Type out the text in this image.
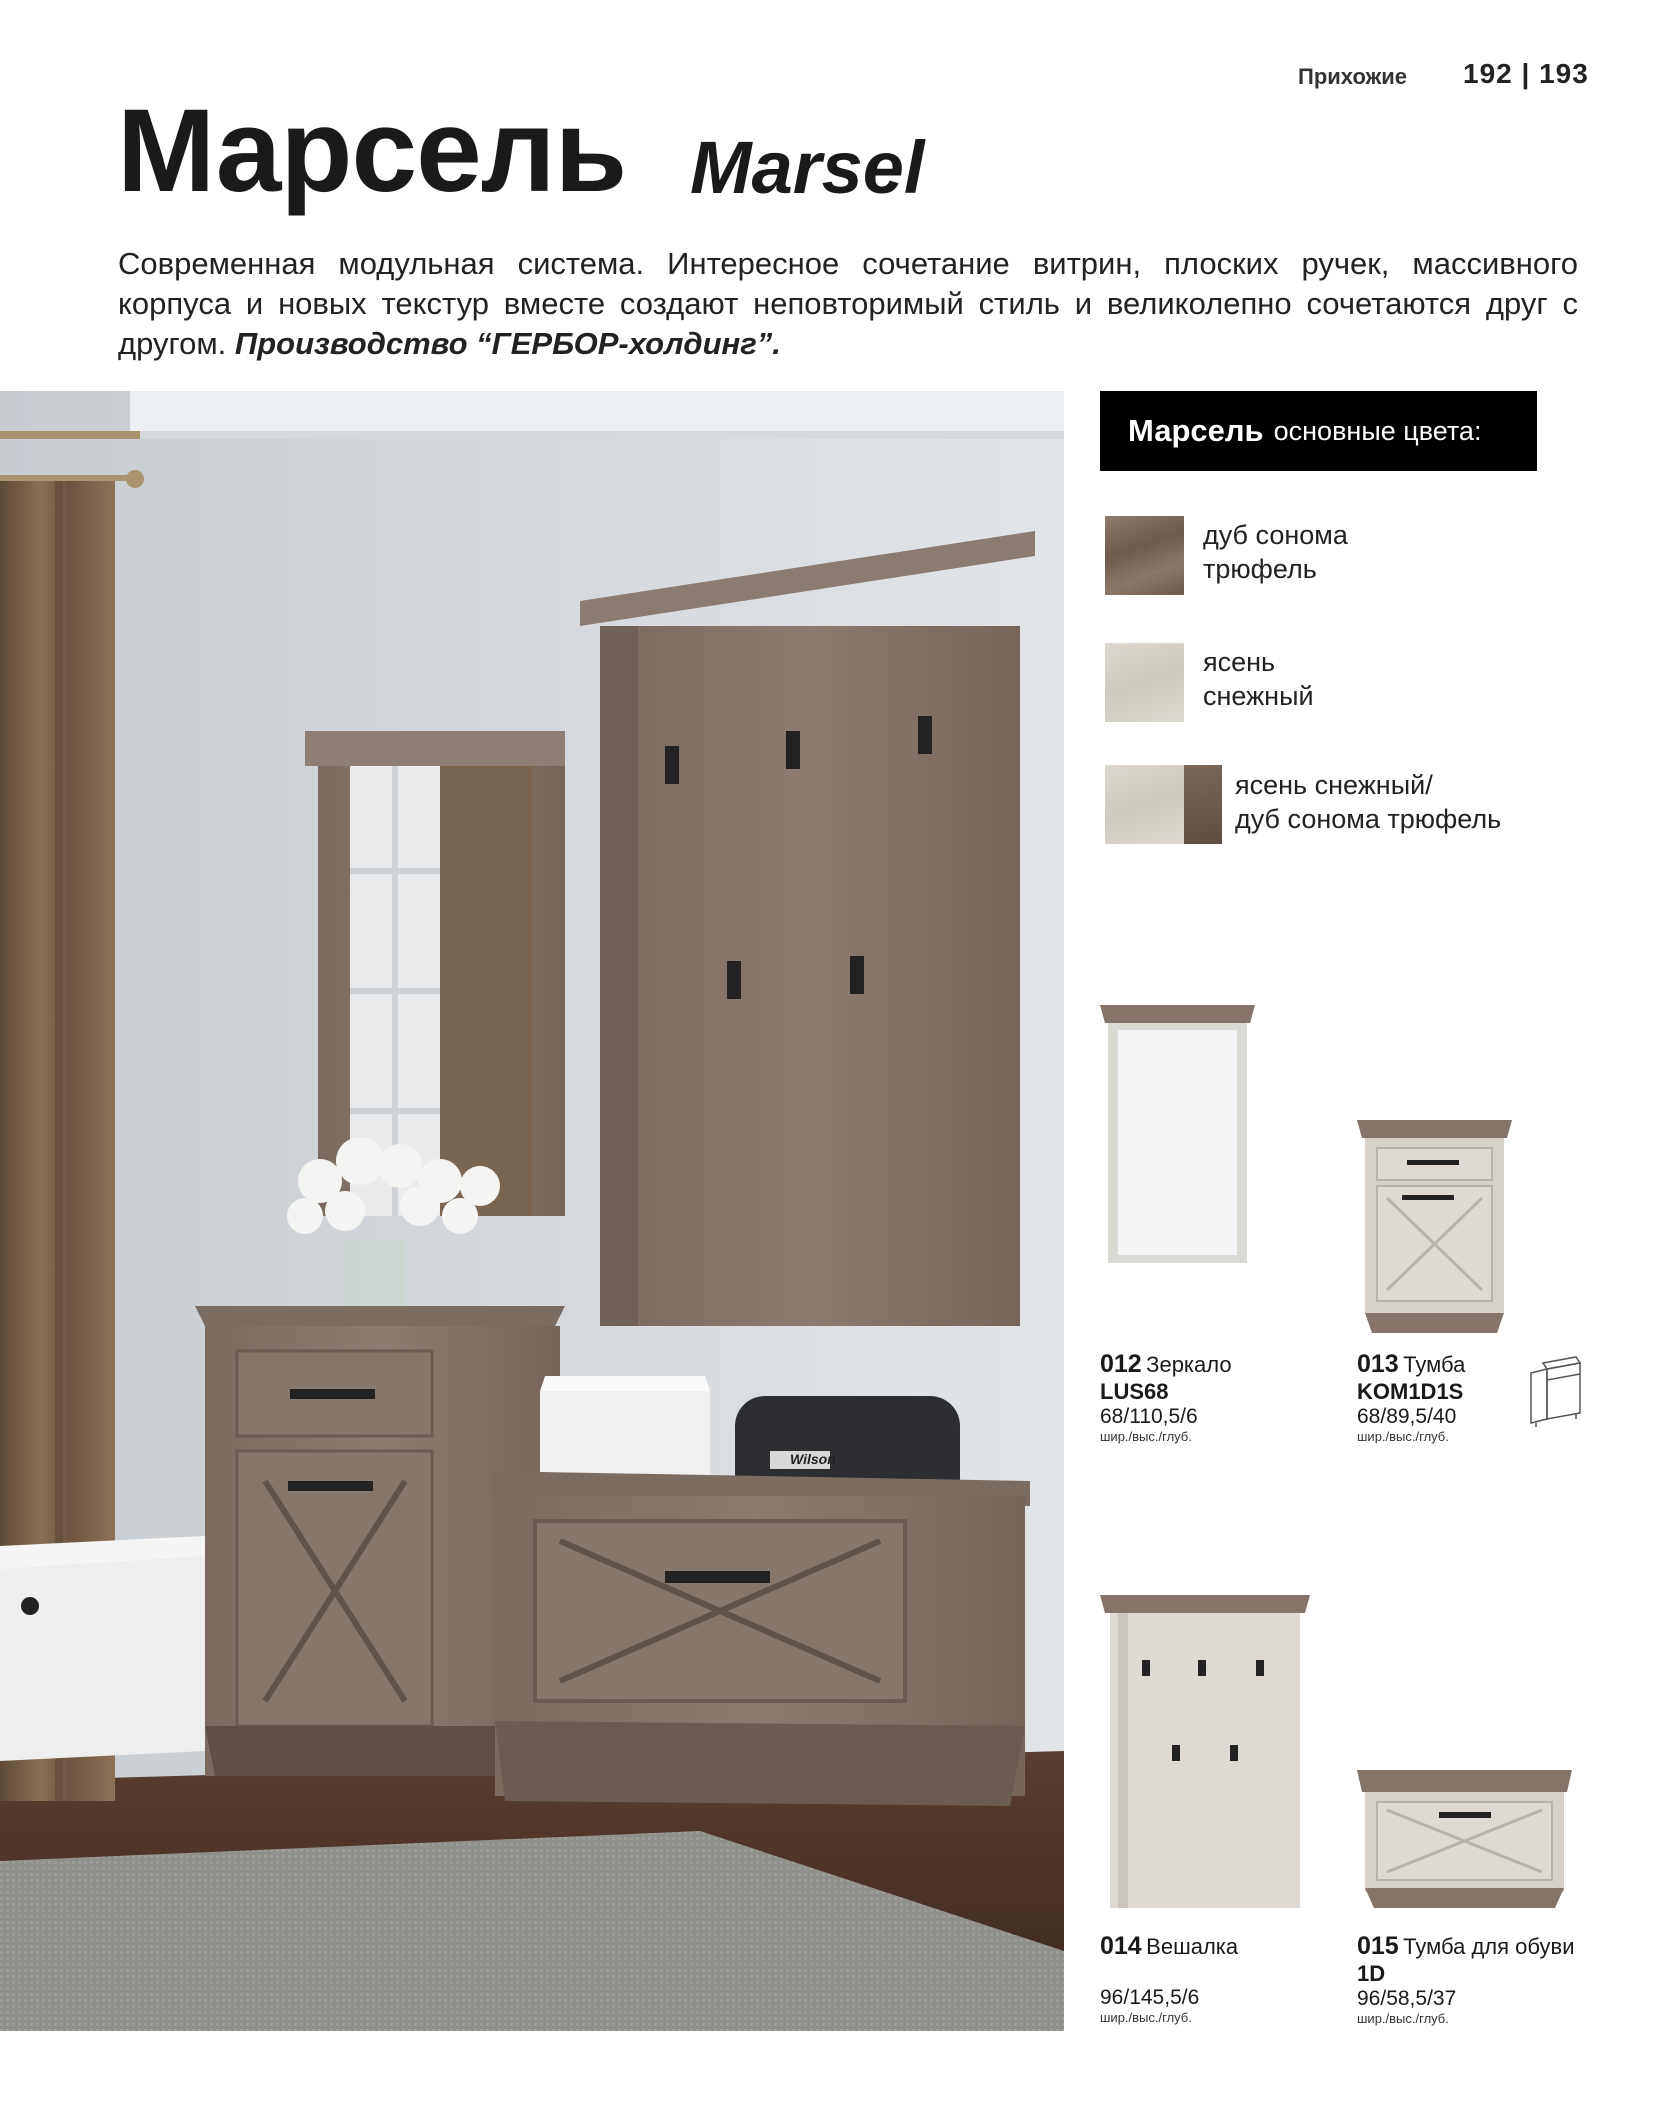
Прихожие 192 | 193
Марсель Marsel
Современная модульная система. Интересное сочетание витрин, плоских ручек, массивного корпуса и новых текстур вместе создают неповторимый стиль и великолепно сочетаются друг с другом. Производство “ГЕРБОР-холдинг”.
Wilson
Марсель основные цвета:
дуб сонома
трюфель
ясень
снежный
ясень снежный/
дуб сонома трюфель
012 Зеркало
LUS68
68/110,5/6
шир./выс./глуб.
013 Тумба
KOM1D1S
68/89,5/40
шир./выс./глуб.
014 Вешалка
96/145,5/6
шир./выс./глуб.
015 Тумба для обуви
1D
96/58,5/37
шир./выс./глуб.
